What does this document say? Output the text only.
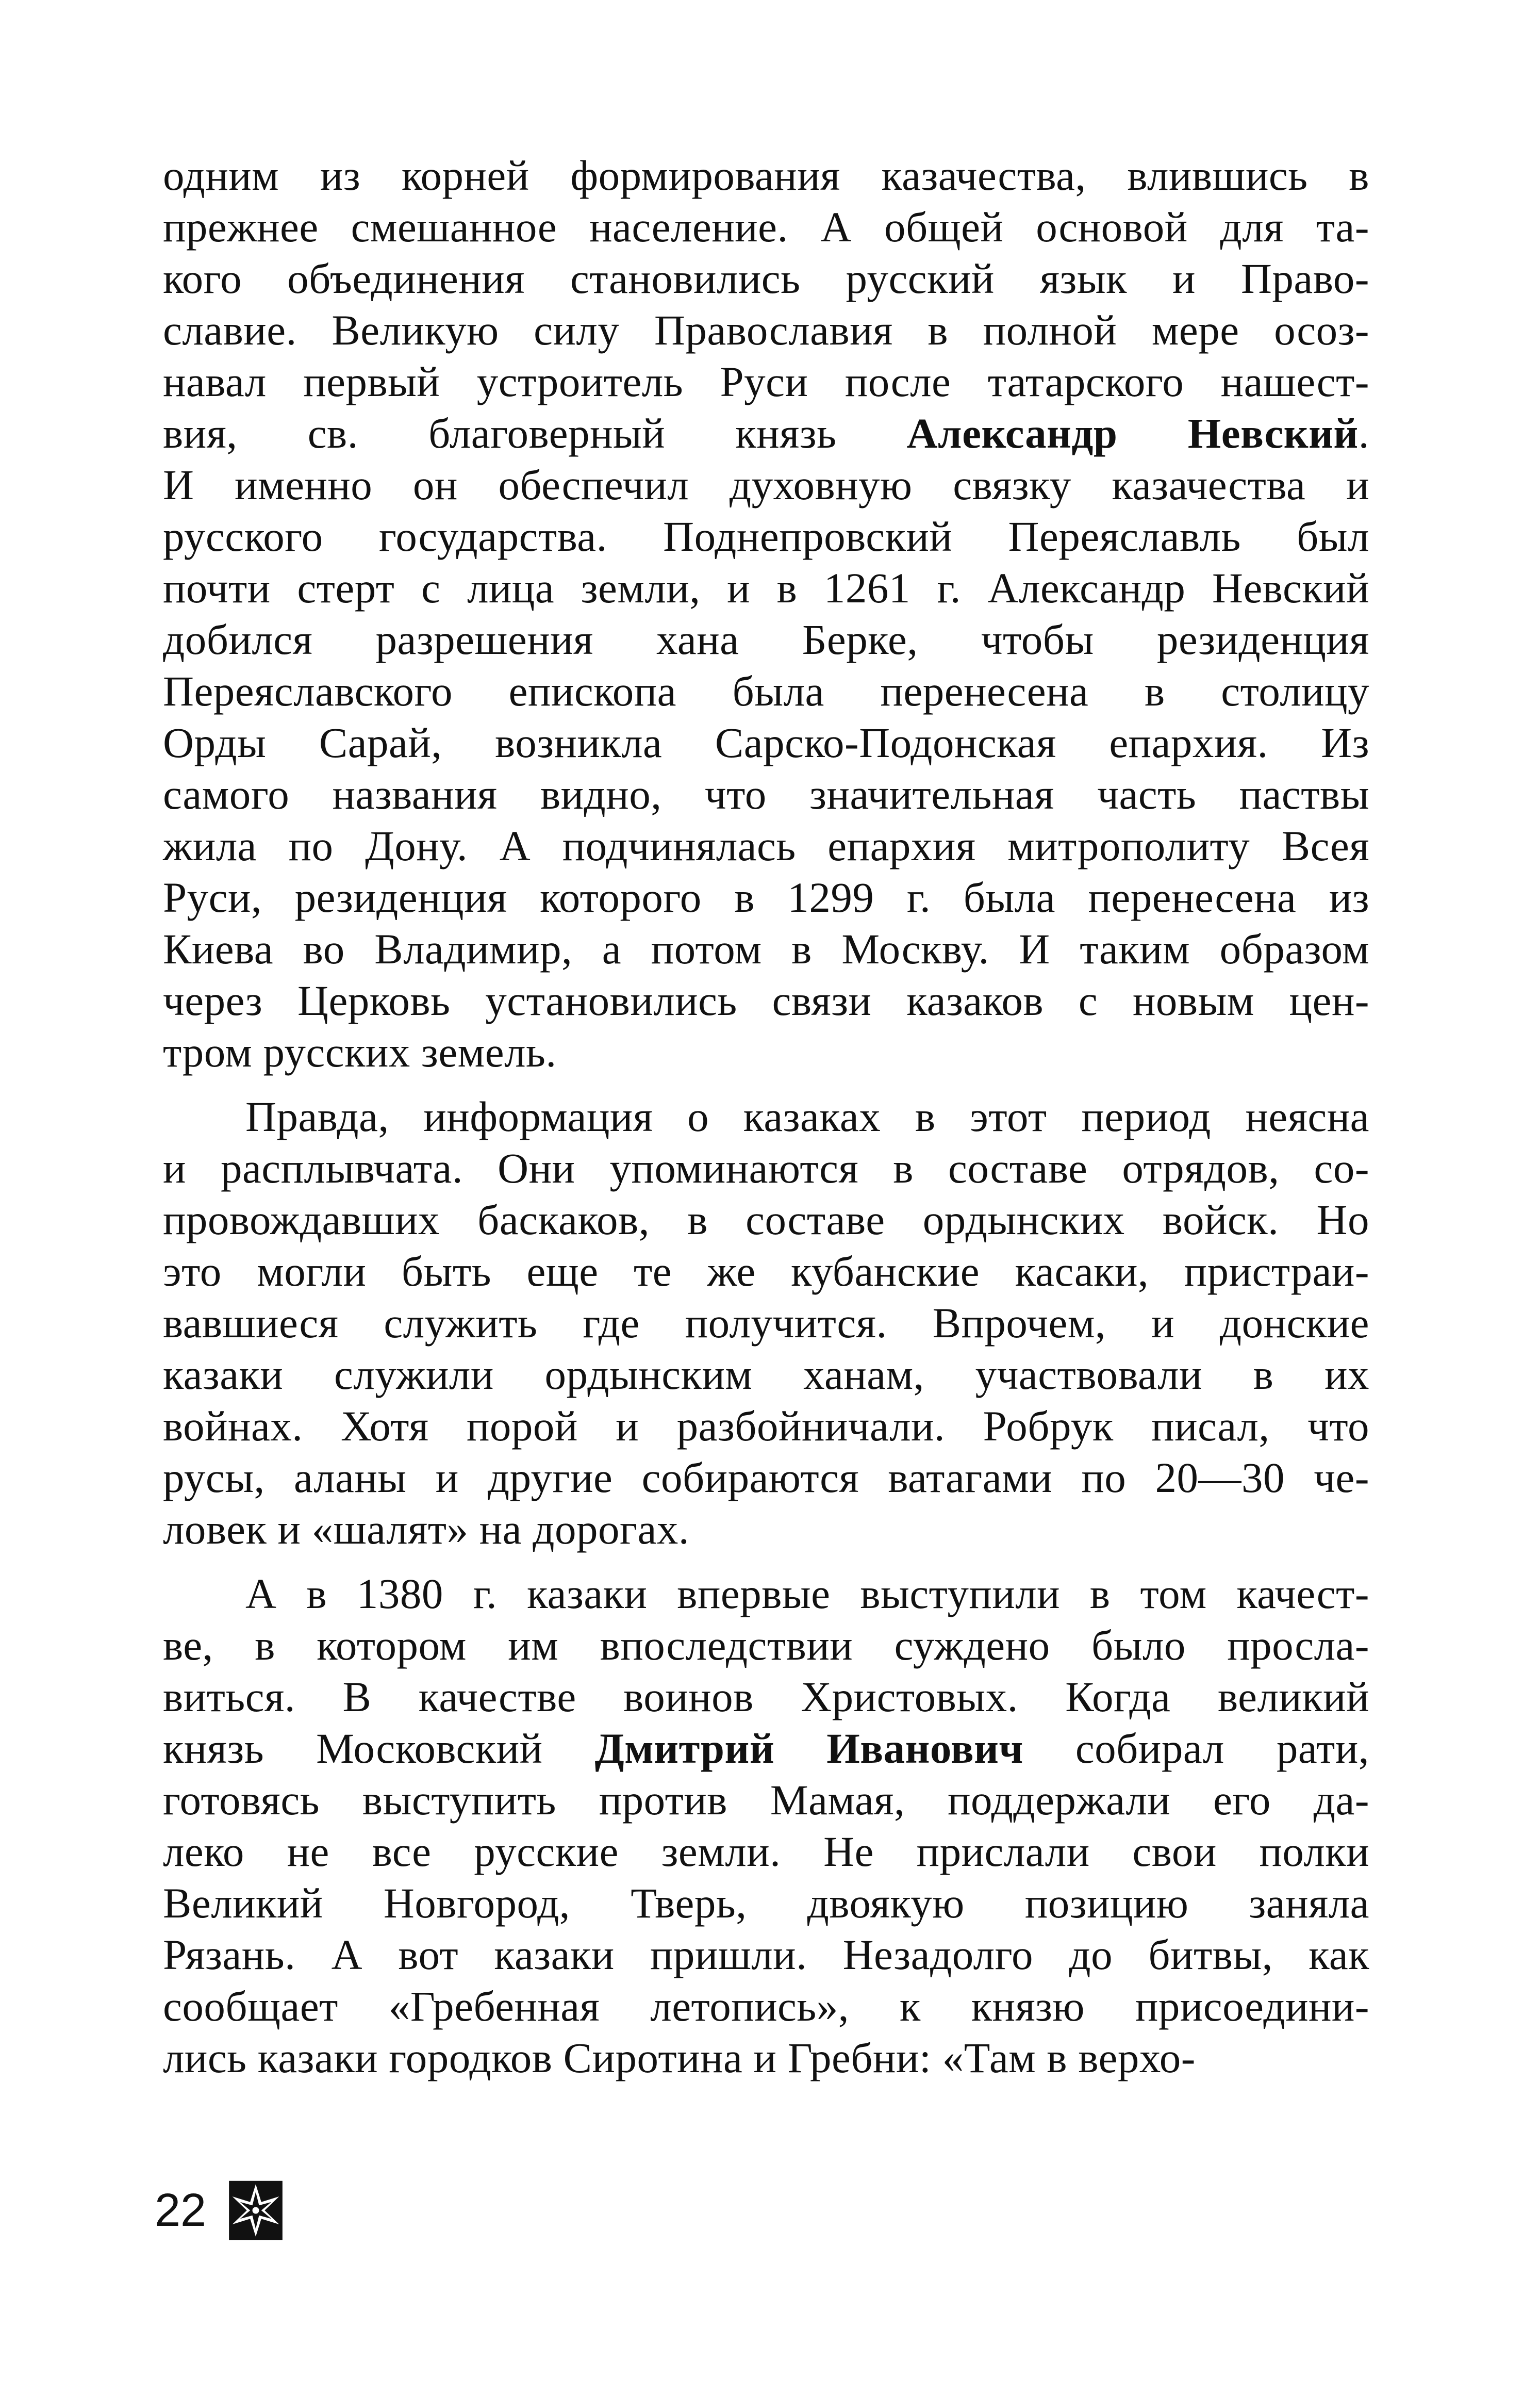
одним из корней формирования казачества, влившись в
прежнее смешанное население. А общей основой для та-
кого объединения становились русский язык и Право-
славие. Великую силу Православия в полной мере осоз-
навал первый устроитель Руси после татарского нашест-
вия, св. благоверный князь Александр Невский.
И именно он обеспечил духовную связку казачества и
русского государства. Поднепровский Переяславль был
почти стерт с лица земли, и в 1261 г. Александр Невский
добился разрешения хана Берке, чтобы резиденция
Переяславского епископа была перенесена в столицу
Орды Сарай, возникла Сарско-Подонская епархия. Из
самого названия видно, что значительная часть паствы
жила по Дону. А подчинялась епархия митрополиту Всея
Руси, резиденция которого в 1299 г. была перенесена из
Киева во Владимир, а потом в Москву. И таким образом
через Церковь установились связи казаков с новым цен-
тром русских земель.
Правда, информация о казаках в этот период неясна
и расплывчата. Они упоминаются в составе отрядов, со-
провождавших баскаков, в составе ордынских войск. Но
это могли быть еще те же кубанские касаки, пристраи-
вавшиеся служить где получится. Впрочем, и донские
казаки служили ордынским ханам, участвовали в их
войнах. Хотя порой и разбойничали. Робрук писал, что
русы, аланы и другие собираются ватагами по 20—30 че-
ловек и «шалят» на дорогах.
А в 1380 г. казаки впервые выступили в том качест-
ве, в котором им впоследствии суждено было просла-
виться. В качестве воинов Христовых. Когда великий
князь Московский Дмитрий Иванович собирал рати,
готовясь выступить против Мамая, поддержали его да-
леко не все русские земли. Не прислали свои полки
Великий Новгород, Тверь, двоякую позицию заняла
Рязань. А вот казаки пришли. Незадолго до битвы, как
сообщает «Гребенная летопись», к князю присоедини-
лись казаки городков Сиротина и Гребни: «Там в верхо-
22
